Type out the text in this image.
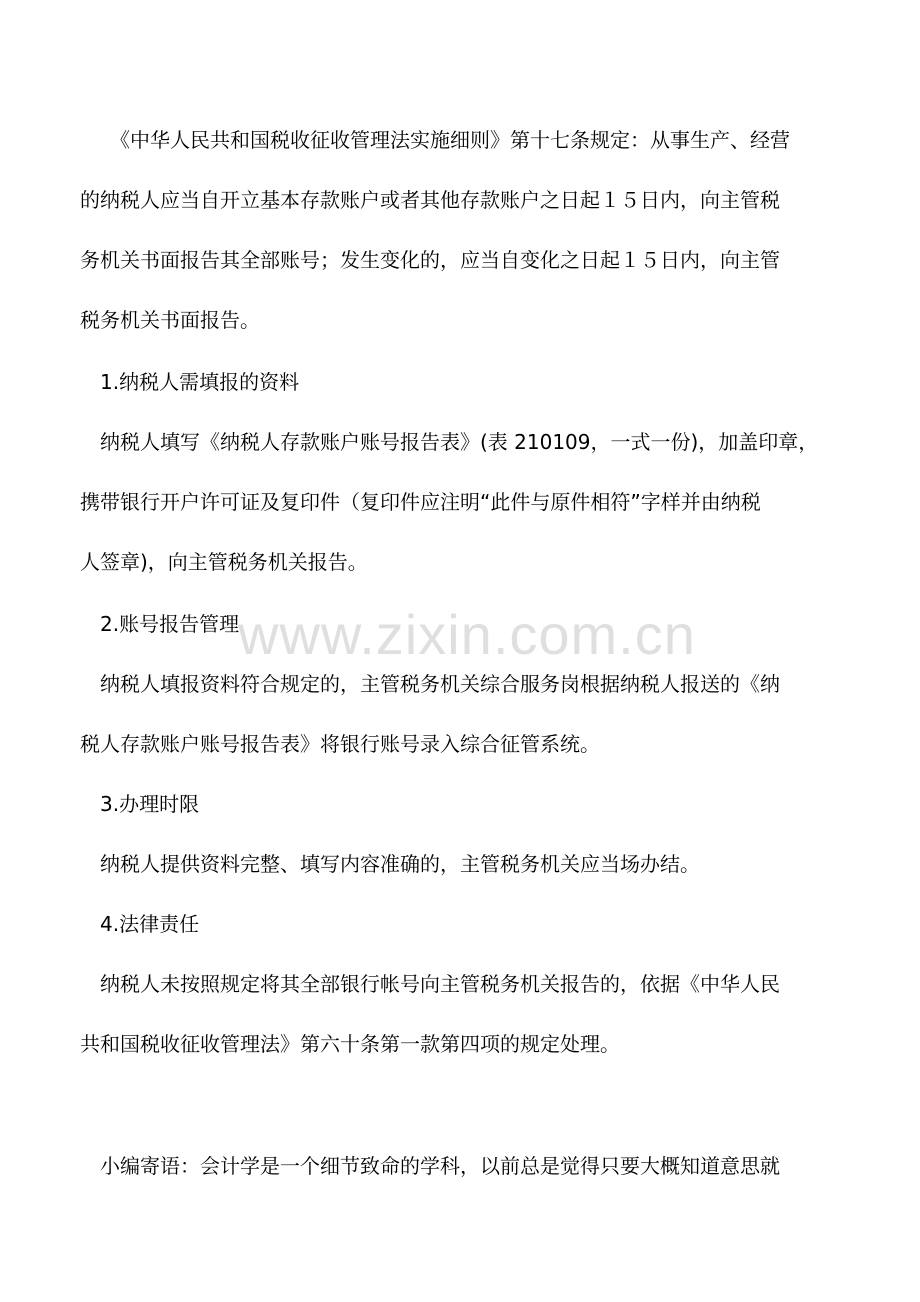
　《中华人民共和国税收征收管理法实施细则》第十七条规定：从事生产、经营
的纳税人应当自开立基本存款账户或者其他存款账户之日起１５日内，向主管税
务机关书面报告其全部账号；发生变化的，应当自变化之日起１５日内，向主管
税务机关书面报告。
1.纳税人需填报的资料
纳税人填写《纳税人存款账户账号报告表》(表 210109，一式一份)，加盖印章，
携带银行开户许可证及复印件（复印件应注明“此件与原件相符”字样并由纳税
人签章)，向主管税务机关报告。
2.账号报告管理
纳税人填报资料符合规定的，主管税务机关综合服务岗根据纳税人报送的《纳
税人存款账户账号报告表》将银行账号录入综合征管系统。
3.办理时限
纳税人提供资料完整、填写内容准确的，主管税务机关应当场办结。
4.法律责任
纳税人未按照规定将其全部银行帐号向主管税务机关报告的，依据《中华人民
共和国税收征收管理法》第六十条第一款第四项的规定处理。
小编寄语：会计学是一个细节致命的学科，以前总是觉得只要大概知道意思就
www.zixin.com.cn
